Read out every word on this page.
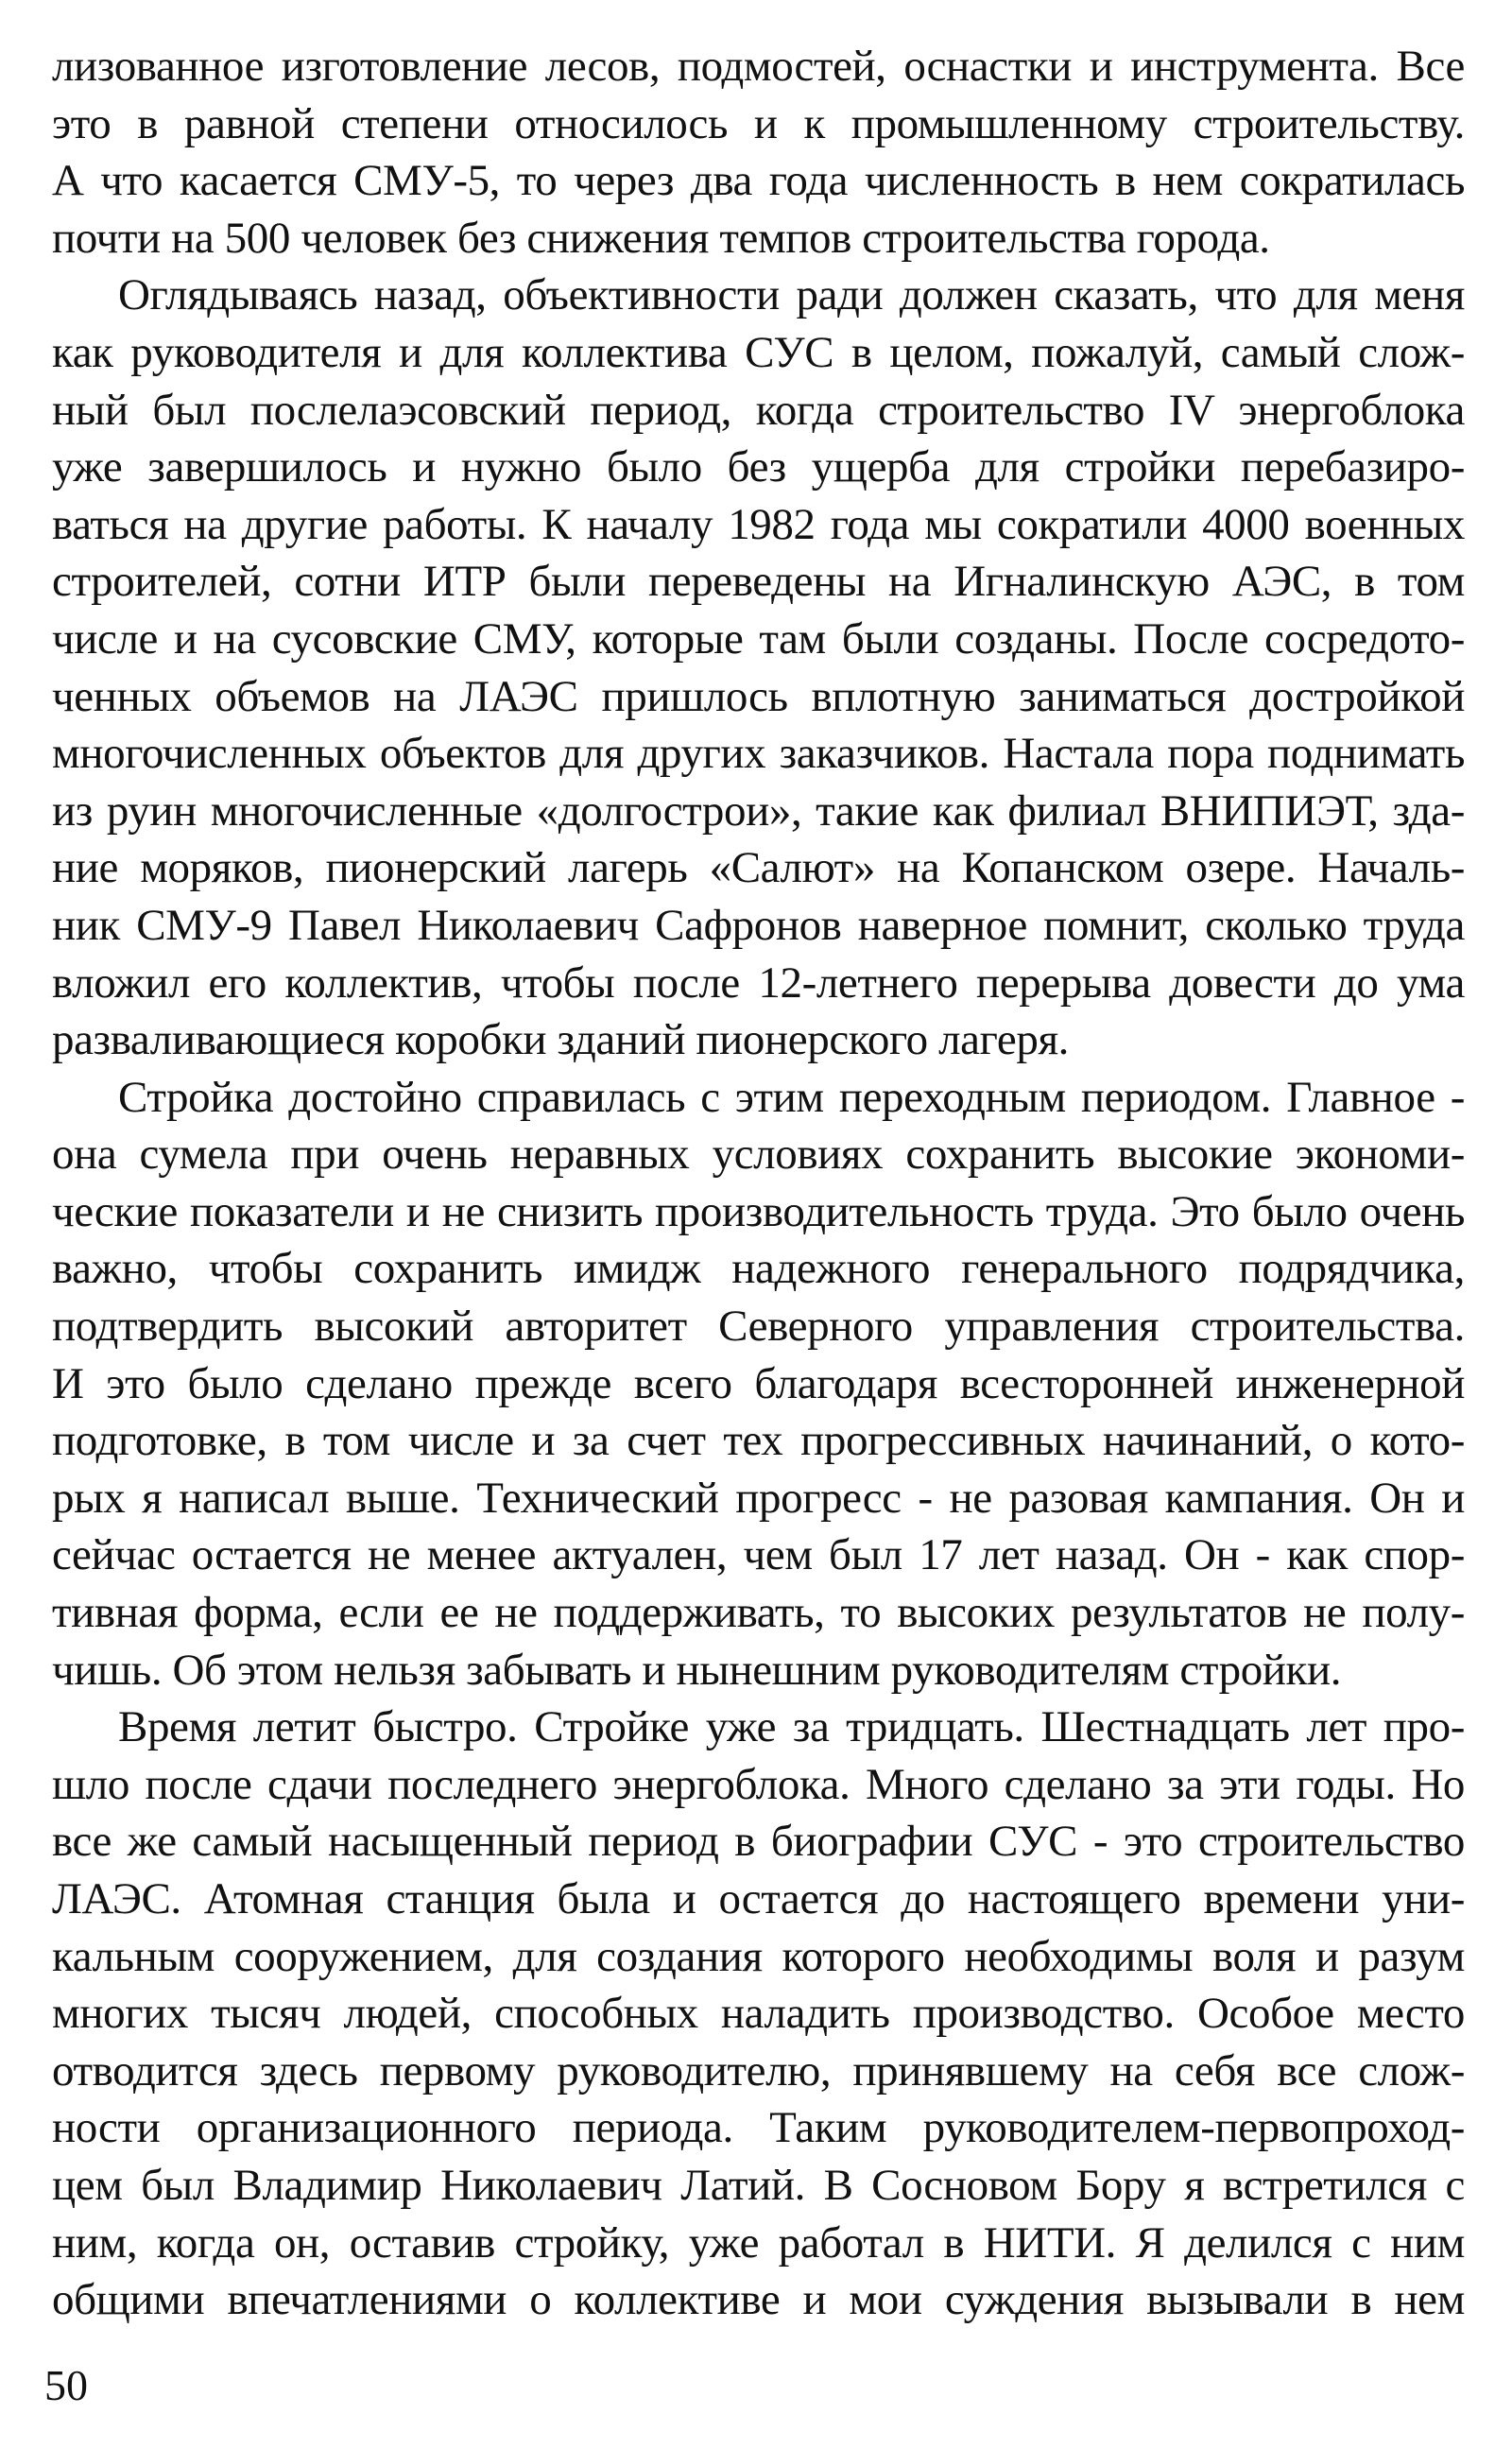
лизованное изготовление лесов, подмостей, оснастки и инструмента. Все
это в равной степени относилось и к промышленному строительству.
А что касается СМУ-5, то через два года численность в нем сократилась
почти на 500 человек без снижения темпов строительства города.
Оглядываясь назад, объективности ради должен сказать, что для меня
как руководителя и для коллектива СУС в целом, пожалуй, самый слож-
ный был послелаэсовский период, когда строительство IV энергоблока
уже завершилось и нужно было без ущерба для стройки перебазиро-
ваться на другие работы. К началу 1982 года мы сократили 4000 военных
строителей, сотни ИТР были переведены на Игналинскую АЭС, в том
числе и на сусовские СМУ, которые там были созданы. После сосредото-
ченных объемов на ЛАЭС пришлось вплотную заниматься достройкой
многочисленных объектов для других заказчиков. Настала пора поднимать
из руин многочисленные «долгострои», такие как филиал ВНИПИЭТ, зда-
ние моряков, пионерский лагерь «Салют» на Копанском озере. Началь-
ник СМУ-9 Павел Николаевич Сафронов наверное помнит, сколько труда
вложил его коллектив, чтобы после 12-летнего перерыва довести до ума
разваливающиеся коробки зданий пионерского лагеря.
Стройка достойно справилась с этим переходным периодом. Главное -
она сумела при очень неравных условиях сохранить высокие экономи-
ческие показатели и не снизить производительность труда. Это было очень
важно, чтобы сохранить имидж надежного генерального подрядчика,
подтвердить высокий авторитет Северного управления строительства.
И это было сделано прежде всего благодаря всесторонней инженерной
подготовке, в том числе и за счет тех прогрессивных начинаний, о кото-
рых я написал выше. Технический прогресс - не разовая кампания. Он и
сейчас остается не менее актуален, чем был 17 лет назад. Он - как спор-
тивная форма, если ее не поддерживать, то высоких результатов не полу-
чишь. Об этом нельзя забывать и нынешним руководителям стройки.
Время летит быстро. Стройке уже за тридцать. Шестнадцать лет про-
шло после сдачи последнего энергоблока. Много сделано за эти годы. Но
все же самый насыщенный период в биографии СУС - это строительство
ЛАЭС. Атомная станция была и остается до настоящего времени уни-
кальным сооружением, для создания которого необходимы воля и разум
многих тысяч людей, способных наладить производство. Особое место
отводится здесь первому руководителю, принявшему на себя все слож-
ности организационного периода. Таким руководителем-первопроход-
цем был Владимир Николаевич Латий. В Сосновом Бору я встретился с
ним, когда он, оставив стройку, уже работал в НИТИ. Я делился с ним
общими впечатлениями о коллективе и мои суждения вызывали в нем
50
